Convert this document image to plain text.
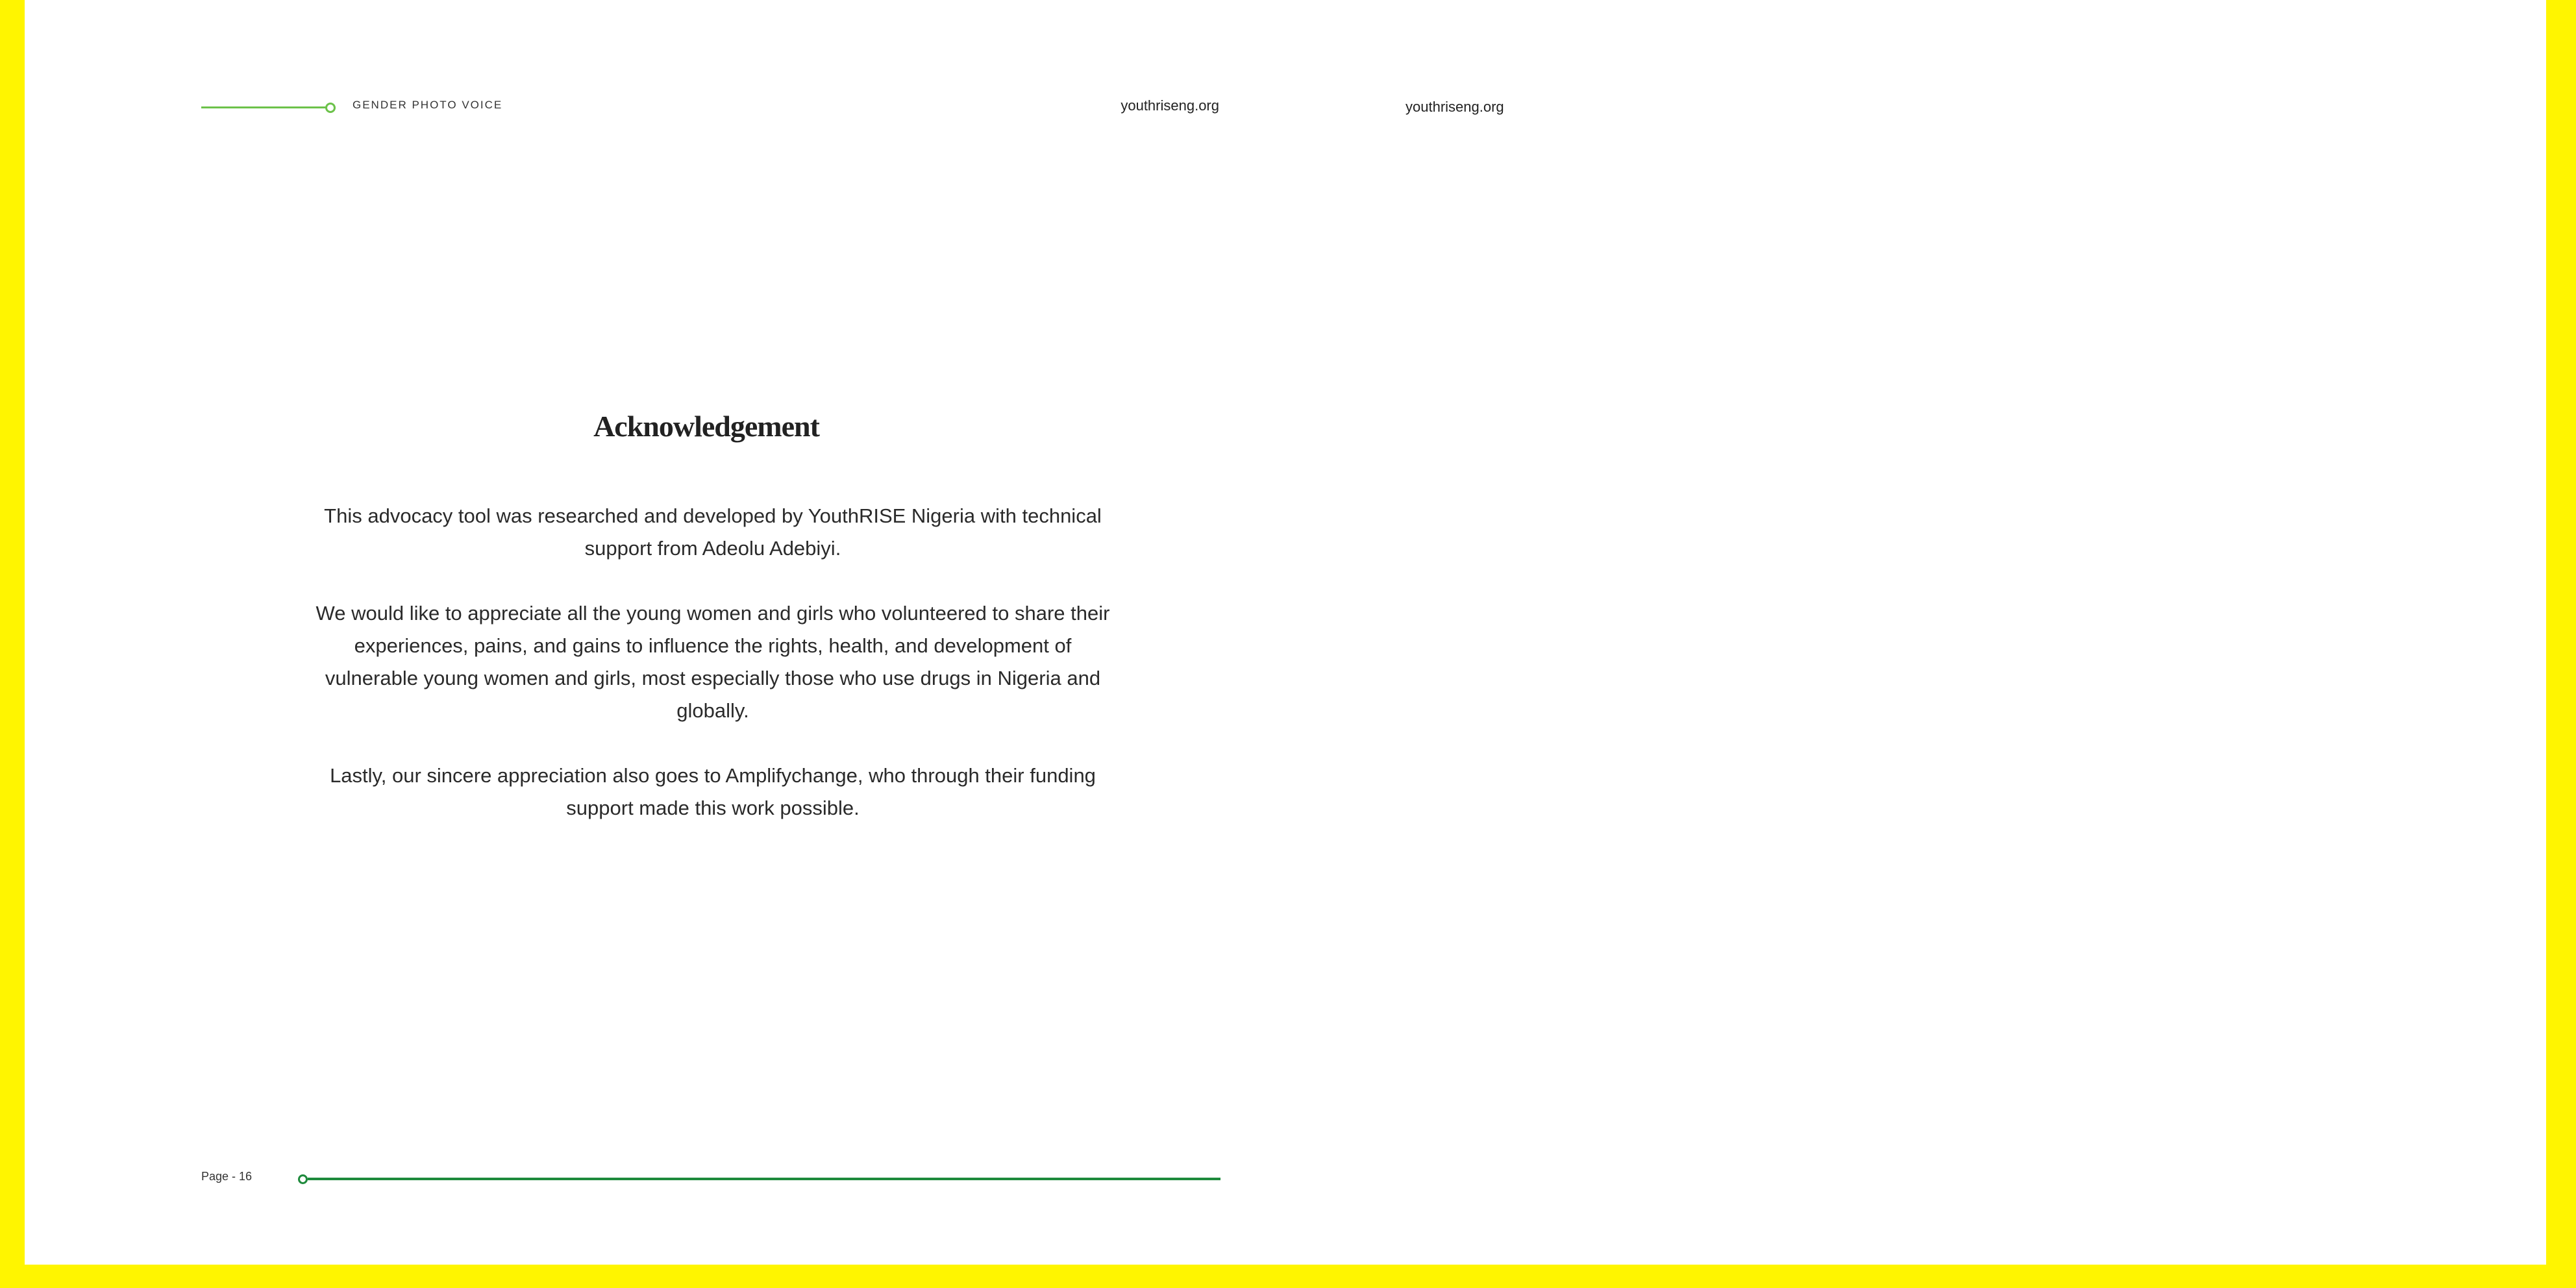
GENDER PHOTO VOICE	youthriseng.org	youthriseng.org
Acknowledgement

This advocacy tool was researched and developed by YouthRISE Nigeria with technical support from Adeolu Adebiyi.

We would like to appreciate all the young women and girls who volunteered to share their experiences, pains, and gains to influence the rights, health, and development of vulnerable young women and girls, most especially those who use drugs in Nigeria and globally.

Lastly, our sincere appreciation also goes to Amplifychange, who through their funding support made this work possible.

Page - 16
